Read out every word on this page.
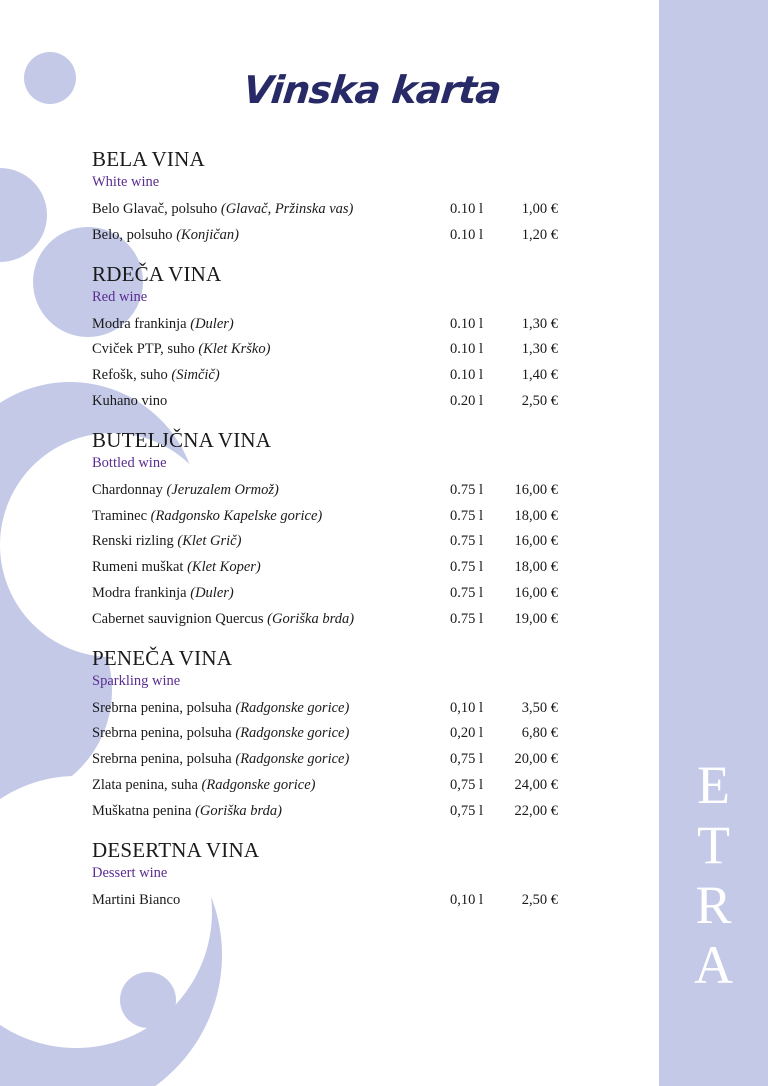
E
T
R
A
Vinska karta
BELA VINA
White wine
Belo Glavač, polsuho (Glavač, Pržinska vas)	0.10 l	1,00 €
Belo, polsuho (Konjičan)	0.10 l	1,20 €
RDEČA VINA
Red wine
Modra frankinja (Duler)	0.10 l	1,30 €
Cviček PTP, suho (Klet Krško)	0.10 l	1,30 €
Refošk, suho (Simčič)	0.10 l	1,40 €
Kuhano vino	0.20 l	2,50 €
BUTELJČNA VINA
Bottled wine
Chardonnay (Jeruzalem Ormož)	0.75 l 16,00 €
Traminec (Radgonsko Kapelske gorice)	0.75 l 18,00 €
Renski rizling (Klet Grič)	0.75 l 16,00 €
Rumeni muškat (Klet Koper)	0.75 l 18,00 €
Modra frankinja (Duler)	0.75 l 16,00 €
Cabernet sauvignion Quercus (Goriška brda)	0.75 l 19,00 €
PENEČA VINA
Sparkling wine
Srebrna penina, polsuha (Radgonske gorice)	0,10 l	3,50 €
Srebrna penina, polsuha (Radgonske gorice)	0,20 l	6,80 €
Srebrna penina, polsuha (Radgonske gorice)	0,75 l 20,00 €
Zlata penina, suha (Radgonske gorice)	0,75 l 24,00 €
Muškatna penina (Goriška brda)	0,75 l 22,00 €
DESERTNA VINA
Dessert wine
Martini Bianco	0,10 l	2,50 €
